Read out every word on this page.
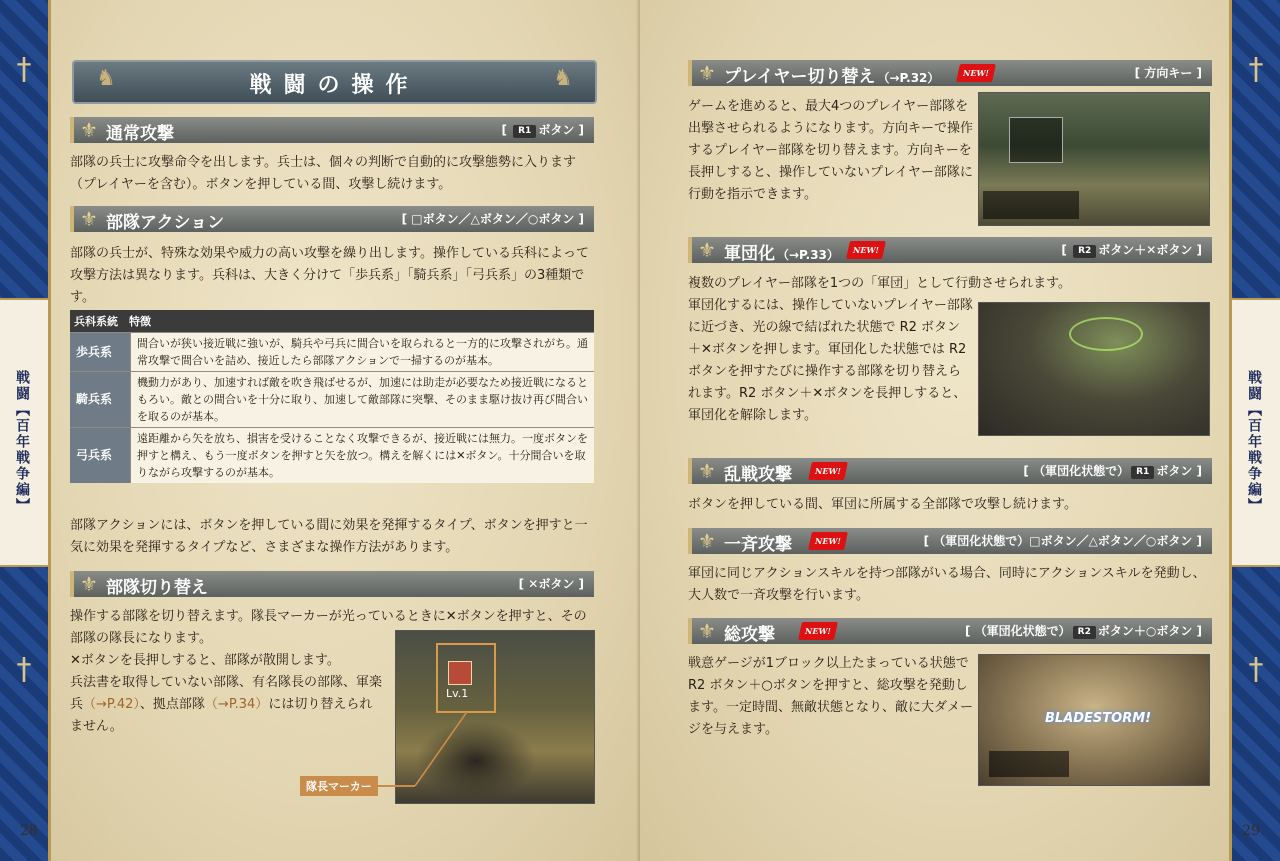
†
†
戦闘【百年戦争編】
28
♞	戦闘の操作	♞
⚜ 通常攻撃	[ R1 ボタン ]
部隊の兵士に攻撃命令を出します。兵士は、個々の判断で自動的に攻撃態勢に入ります（プレイヤーを含む）。ボタンを押している間、攻撃し続けます。
⚜ 部隊アクション	[ □ボタン／△ボタン／○ボタン ]
部隊の兵士が、特殊な効果や威力の高い攻撃を繰り出します。操作している兵科によって攻撃方法は異なります。兵科は、大きく分けて「歩兵系」「騎兵系」「弓兵系」の3種類です。
兵科系統　 特徴	
歩兵系	間合いが狭い接近戦に強いが、騎兵や弓兵に間合いを取られると一方的に攻撃されがち。通常攻撃で間合いを詰め、接近したら部隊アクションで一掃するのが基本。
騎兵系	機動力があり、加速すれば敵を吹き飛ばせるが、加速には助走が必要なため接近戦になるともろい。敵との間合いを十分に取り、加速して敵部隊に突撃、そのまま駆け抜け再び間合いを取るのが基本。
弓兵系	遠距離から矢を放ち、損害を受けることなく攻撃できるが、接近戦には無力。一度ボタンを押すと構え、もう一度ボタンを押すと矢を放つ。構えを解くには✕ボタン。十分間合いを取りながら攻撃するのが基本。
部隊アクションには、ボタンを押している間に効果を発揮するタイプ、ボタンを押すと一気に効果を発揮するタイプなど、さまざまな操作方法があります。
⚜ 部隊切り替え	[ ✕ボタン ]
操作する部隊を切り替えます。隊長マーカーが光っているときに✕ボタンを押すと、その部隊の隊長になります。
✕ボタンを長押しすると、部隊が散開します。
兵法書を取得していない部隊、有名隊長の部隊、軍楽兵（→P.42）、拠点部隊（→P.34）には切り替えられません。
Lv.1
隊長マーカー
†
†
戦闘【百年戦争編】
29
⚜ プレイヤー切り替え （→P.32）	NEW!	[ 方向キー ]
ゲームを進めると、最大4つのプレイヤー部隊を出撃させられるようになります。方向キーで操作するプレイヤー部隊を切り替えます。方向キーを長押しすると、操作していないプレイヤー部隊に行動を指示できます。
⚜ 軍団化 （→P.33）	NEW!	[ R2 ボタン＋✕ボタン ]
複数のプレイヤー部隊を1つの「軍団」として行動させられます。
軍団化するには、操作していないプレイヤー部隊に近づき、光の線で結ばれた状態で R2 ボタン＋✕ボタンを押します。軍団化した状態では R2 ボタンを押すたびに操作する部隊を切り替えられます。R2 ボタン＋✕ボタンを長押しすると、軍団化を解除します。
⚜ 乱戦攻撃	NEW!	[ （軍団化状態で） R1 ボタン ]
ボタンを押している間、軍団に所属する全部隊で攻撃し続けます。
⚜ 一斉攻撃	NEW!	[ （軍団化状態で）□ボタン／△ボタン／○ボタン ]
軍団に同じアクションスキルを持つ部隊がいる場合、同時にアクションスキルを発動し、大人数で一斉攻撃を行います。
⚜ 総攻撃	NEW!	[ （軍団化状態で） R2 ボタン＋○ボタン ]
戦意ゲージが1ブロック以上たまっている状態で R2 ボタン＋○ボタンを押すと、総攻撃を発動します。一定時間、無敵状態となり、敵に大ダメージを与えます。
BLADESTORM!
